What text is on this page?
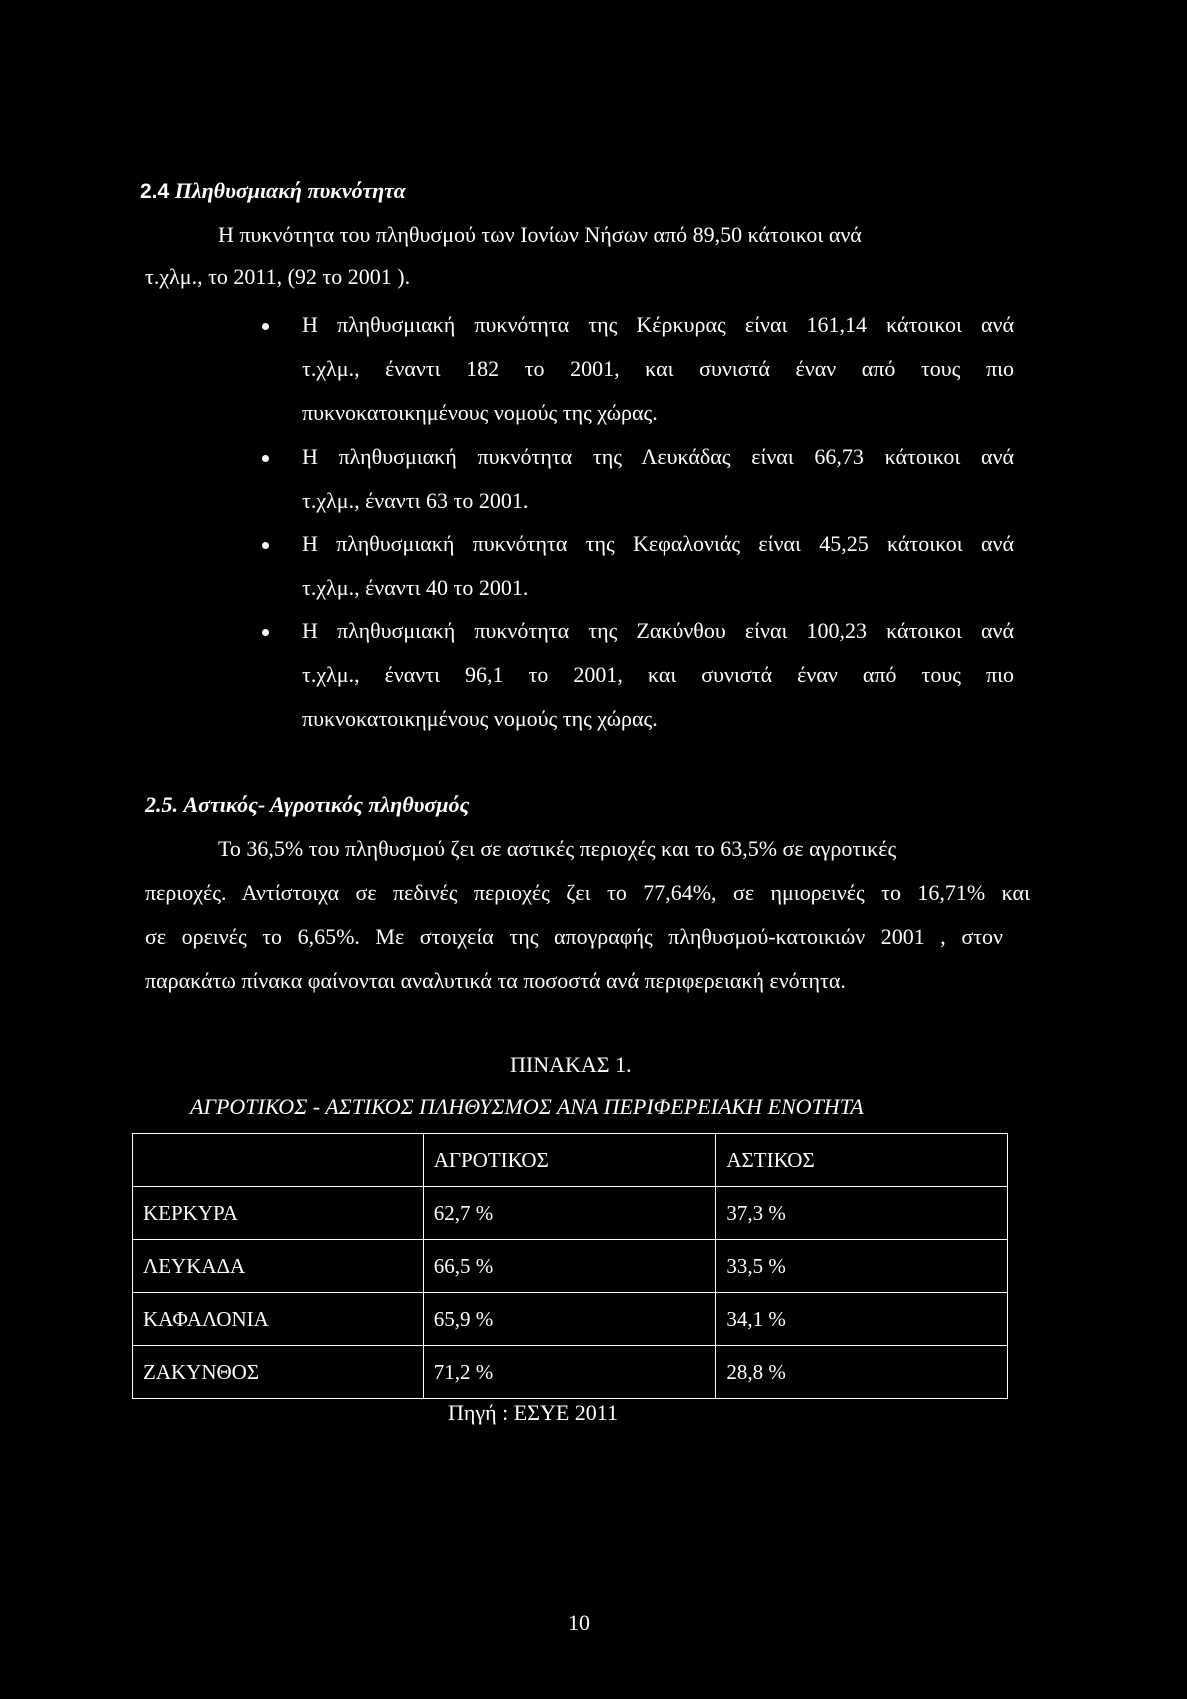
2.4 Πληθυσμιακή πυκνότητα
Η πυκνότητα του πληθυσμού των Ιονίων Νήσων από 89,50 κάτοικοι ανά
τ.χλμ., το 2011, (92 το 2001 ).
Η πληθυσμιακή πυκνότητα της Κέρκυρας είναι 161,14 κάτοικοι ανά
τ.χλμ., έναντι 182 το 2001, και συνιστά έναν από τους πιο
πυκνοκατοικημένους νομούς της χώρας.
Η πληθυσμιακή πυκνότητα της Λευκάδας είναι 66,73 κάτοικοι ανά
τ.χλμ., έναντι 63 το 2001.
Η πληθυσμιακή πυκνότητα της Κεφαλονιάς είναι 45,25 κάτοικοι ανά
τ.χλμ., έναντι 40 το 2001.
Η πληθυσμιακή πυκνότητα της Ζακύνθου είναι 100,23 κάτοικοι ανά
τ.χλμ., έναντι 96,1 το 2001, και συνιστά έναν από τους πιο
πυκνοκατοικημένους νομούς της χώρας.
2.5. Αστικός- Αγροτικός πληθυσμός
Το 36,5% του πληθυσμού ζει σε αστικές περιοχές και το 63,5% σε αγροτικές
περιοχές. Αντίστοιχα σε πεδινές περιοχές ζει το 77,64%, σε ημιορεινές το 16,71% και
σε ορεινές το 6,65%. Με στοιχεία της απογραφής πληθυσμού-κατοικιών 2001 , στον
παρακάτω πίνακα φαίνονται αναλυτικά τα ποσοστά ανά περιφερειακή ενότητα.
ΠΙΝΑΚΑΣ 1.
ΑΓΡΟΤΙΚΟΣ - ΑΣΤΙΚΟΣ ΠΛΗΘΥΣΜΟΣ ΑΝΑ ΠΕΡΙΦΕΡΕΙΑΚΗ ΕΝΟΤΗΤΑ
	ΑΓΡΟΤΙΚΟΣ	ΑΣΤΙΚΟΣ
ΚΕΡΚΥΡΑ	62,7 %	37,3 %
ΛΕΥΚΑΔΑ	66,5 %	33,5 %
ΚΑΦΑΛΟΝΙΑ	65,9 %	34,1 %
ΖΑΚΥΝΘΟΣ	71,2 %	28,8 %
Πηγή : ΕΣΥΕ 2011
10
